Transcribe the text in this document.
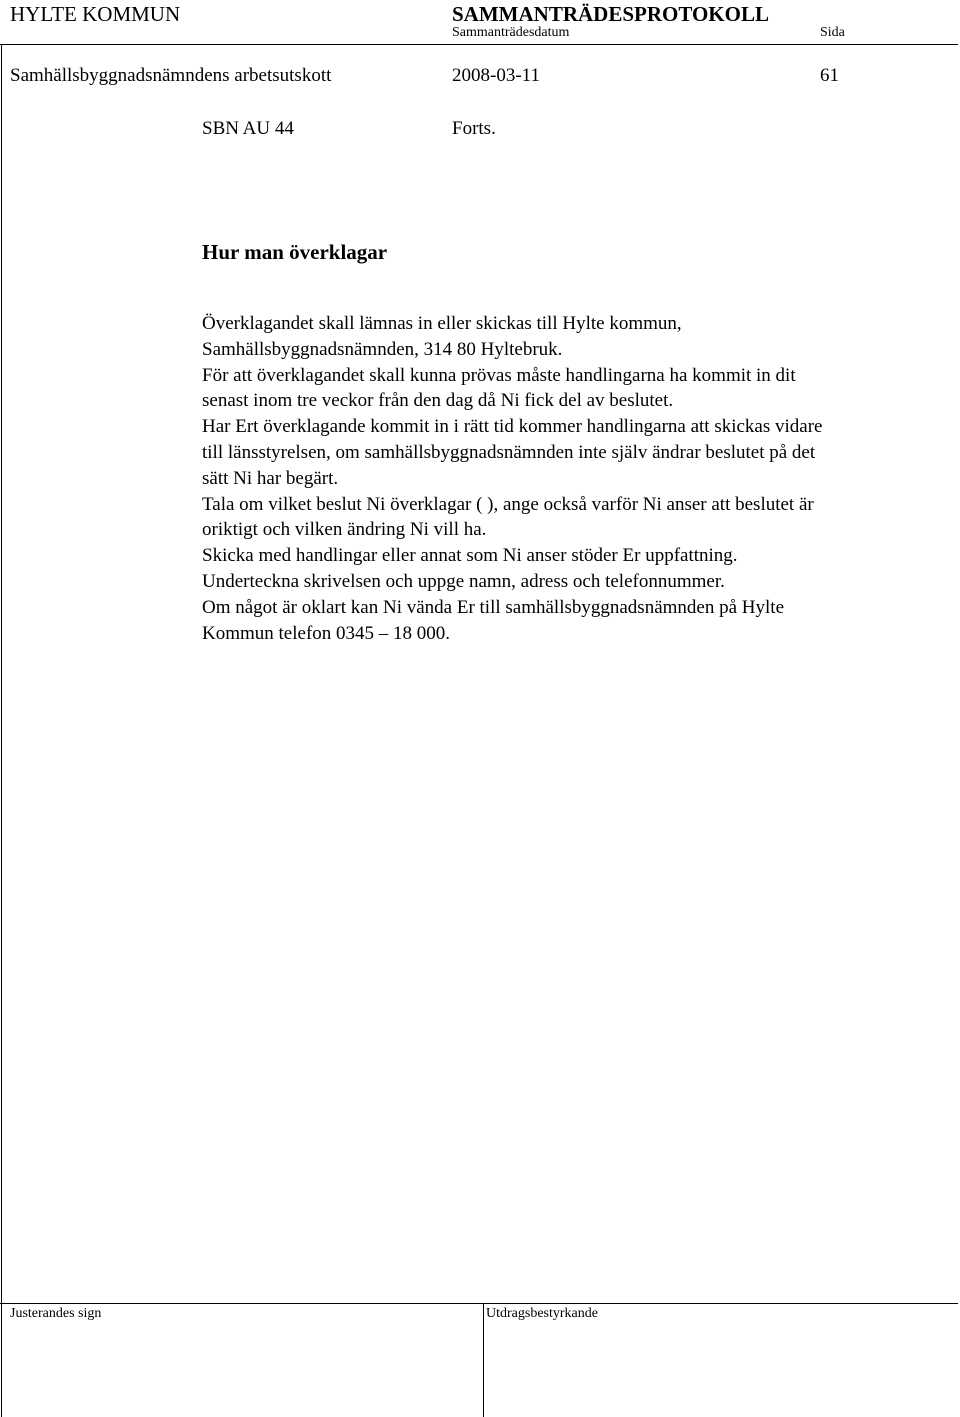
HYLTE KOMMUN	SAMMANTRÄDESPROTOKOLL
Sammanträdesdatum	Sida
Samhällsbyggnadsnämndens arbetsutskott	2008-03-11	61
SBN AU 44	Forts.
Hur man överklagar

Överklagandet skall lämnas in eller skickas till Hylte kommun,

Samhällsbyggnadsnämnden, 314 80 Hyltebruk.

För att överklagandet skall kunna prövas måste handlingarna ha kommit in dit

senast inom tre veckor från den dag då Ni fick del av beslutet.

Har Ert överklagande kommit in i rätt tid kommer handlingarna att skickas vidare

till länsstyrelsen, om samhällsbyggnadsnämnden inte själv ändrar beslutet på det

sätt Ni har begärt.

Tala om vilket beslut Ni överklagar ( ), ange också varför Ni anser att beslutet är

oriktigt och vilken ändring Ni vill ha.

Skicka med handlingar eller annat som Ni anser stöder Er uppfattning.

Underteckna skrivelsen och uppge namn, adress och telefonnummer.

Om något är oklart kan Ni vända Er till samhällsbyggnadsnämnden på Hylte

Kommun telefon 0345 – 18 000.

Justerandes sign	Utdragsbestyrkande
